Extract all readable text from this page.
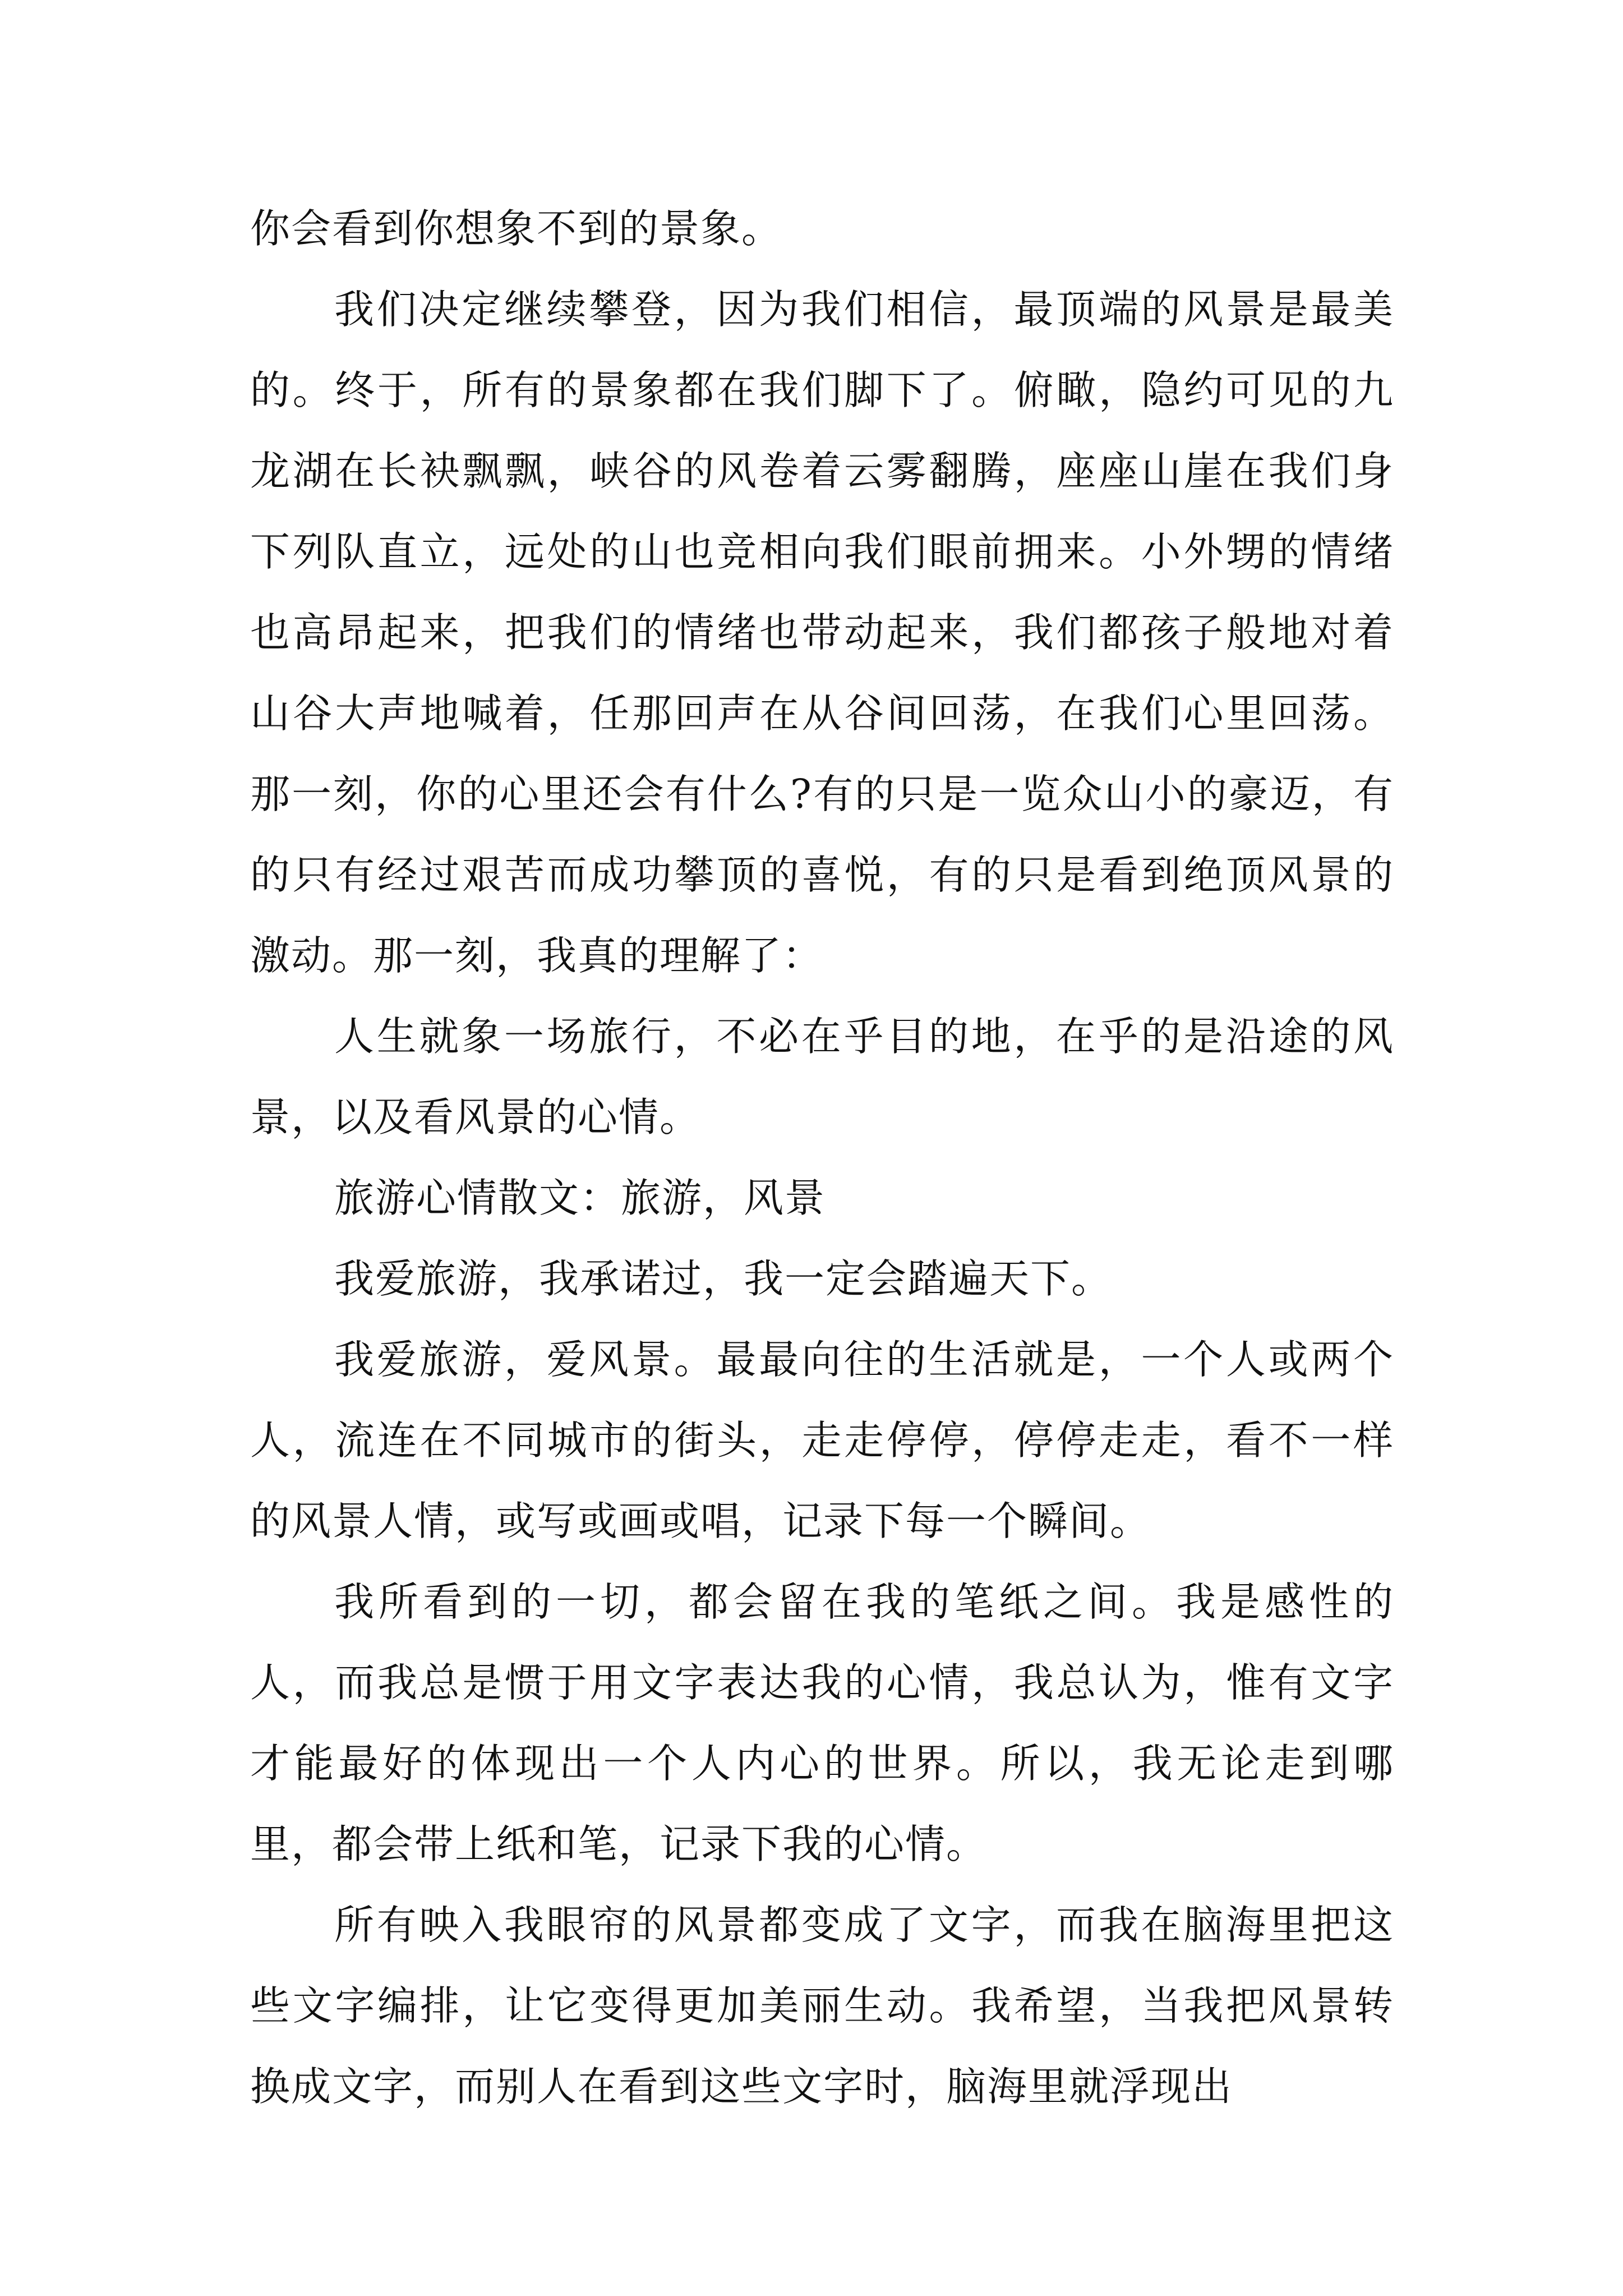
你会看到你想象不到的景象。

我们决定继续攀登，因为我们相信，最顶端的风景是最美的。终于，所有的景象都在我们脚下了。俯瞰，隐约可见的九龙湖在长袂飘飘，峡谷的风卷着云雾翻腾，座座山崖在我们身下列队直立，远处的山也竞相向我们眼前拥来。小外甥的情绪也高昂起来，把我们的情绪也带动起来，我们都孩子般地对着山谷大声地喊着，任那回声在从谷间回荡，在我们心里回荡。那一刻，你的心里还会有什么?有的只是一览众山小的豪迈，有的只有经过艰苦而成功攀顶的喜悦，有的只是看到绝顶风景的激动。那一刻，我真的理解了：

人生就象一场旅行，不必在乎目的地，在乎的是沿途的风景，以及看风景的心情。

旅游心情散文：旅游，风景

我爱旅游，我承诺过，我一定会踏遍天下。

我爱旅游，爱风景。最最向往的生活就是，一个人或两个人，流连在不同城市的街头，走走停停，停停走走，看不一样的风景人情，或写或画或唱，记录下每一个瞬间。

我所看到的一切，都会留在我的笔纸之间。我是感性的人，而我总是惯于用文字表达我的心情，我总认为，惟有文字才能最好的体现出一个人内心的世界。所以，我无论走到哪里，都会带上纸和笔，记录下我的心情。

所有映入我眼帘的风景都变成了文字，而我在脑海里把这些文字编排，让它变得更加美丽生动。我希望，当我把风景转换成文字，而别人在看到这些文字时，脑海里就浮现出
